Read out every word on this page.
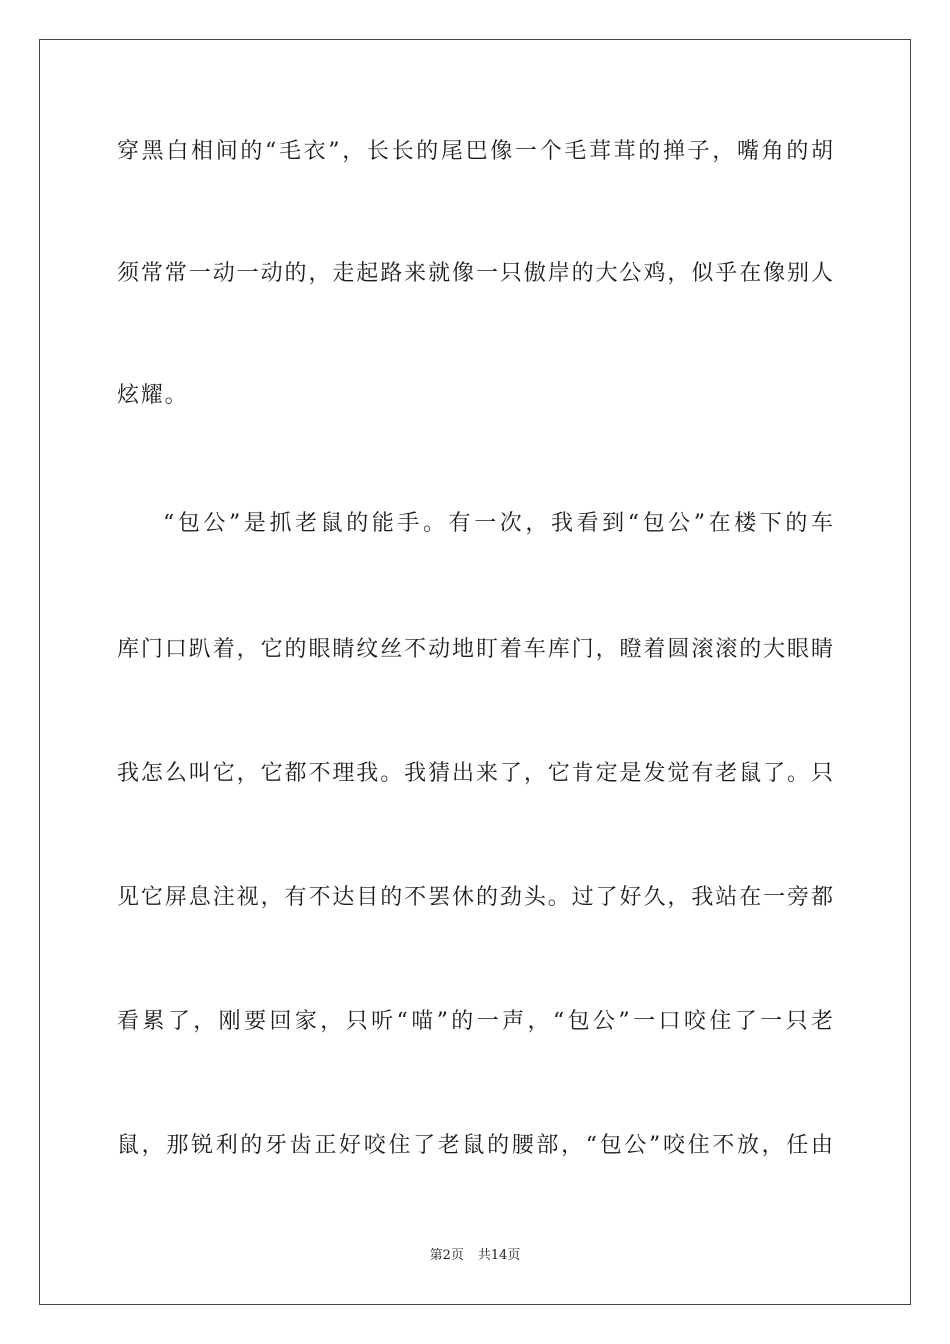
穿黑白相间的“毛衣”，长长的尾巴像一个毛茸茸的掸子，嘴角的胡
须常常一动一动的，走起路来就像一只傲岸的大公鸡，似乎在像别人
炫耀。
“包公”是抓老鼠的能手。有一次，我看到“包公”在楼下的车
库门口趴着，它的眼睛纹丝不动地盯着车库门，瞪着圆滚滚的大眼睛
我怎么叫它，它都不理我。我猜出来了，它肯定是发觉有老鼠了。只
见它屏息注视，有不达目的不罢休的劲头。过了好久，我站在一旁都
看累了，刚要回家，只听“喵”的一声，“包公”一口咬住了一只老
鼠，那锐利的牙齿正好咬住了老鼠的腰部，“包公”咬住不放，任由
第2页 共14页
